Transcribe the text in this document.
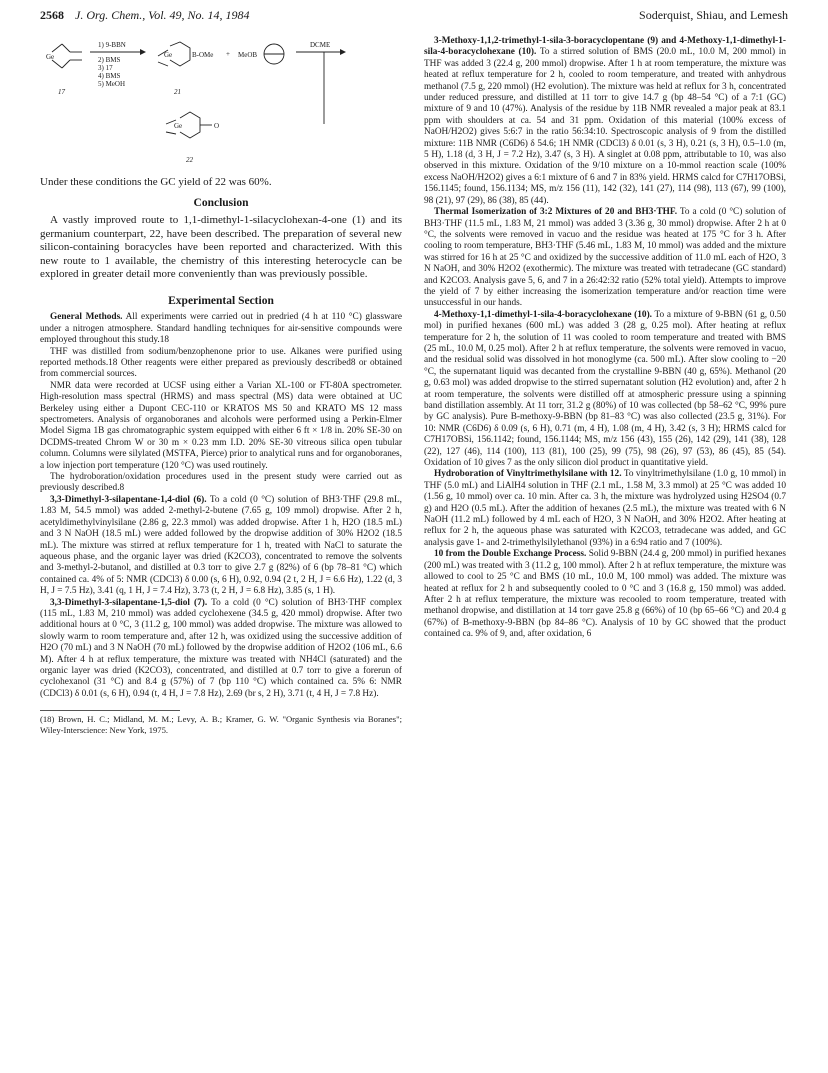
2568 J. Org. Chem., Vol. 49, No. 14, 1984	Soderquist, Shiau, and Lemesh
Ge
17
1) 9-BBN
2) BMS
3) 17
4) BMS
5) MeOH
Ge	B-OMe
21
+ MeOB
DCME
Ge	O
22

Under these conditions the GC yield of 22 was 60%.

Conclusion

A vastly improved route to 1,1-dimethyl-1-silacyclohexan-4-one (1) and its germanium counterpart, 22, have been described. The preparation of several new silicon-containing boracycles have been reported and characterized. With this new route to 1 available, the chemistry of this interesting heterocycle can be explored in greater detail more conveniently than was previously possible.

Experimental Section

General Methods. All experiments were carried out in predried (4 h at 110 °C) glassware under a nitrogen atmosphere. Standard handling techniques for air-sensitive compounds were employed throughout this study.18

THF was distilled from sodium/benzophenone prior to use. Alkanes were purified using reported methods.18 Other reagents were either prepared as previously described8 or obtained from commercial sources.

NMR data were recorded at UCSF using either a Varian XL-100 or FT-80A spectrometer. High-resolution mass spectral (HRMS) and mass spectral (MS) data were obtained at UC Berkeley using either a Dupont CEC-110 or KRATOS MS 50 and KRATO MS 12 mass spectrometers. Analysis of organoboranes and alcohols were performed using a Perkin-Elmer Model Sigma 1B gas chromatographic system equipped with either 6 ft × 1/8 in. 20% SE-30 on DCDMS-treated Chrom W or 30 m × 0.23 mm I.D. 20% SE-30 vitreous silica open tubular column. Columns were silylated (MSTFA, Pierce) prior to analytical runs and for organoboranes, a low injection port temperature (120 °C) was used routinely.

The hydroboration/oxidation procedures used in the present study were carried out as previously described.8

3,3-Dimethyl-3-silapentane-1,4-diol (6). To a cold (0 °C) solution of BH3·THF (29.8 mL, 1.83 M, 54.5 mmol) was added 2-methyl-2-butene (7.65 g, 109 mmol) dropwise. After 2 h, acetyldimethylvinylsilane (2.86 g, 22.3 mmol) was added dropwise. After 1 h, H2O (18.5 mL) and 3 N NaOH (18.5 mL) were added followed by the dropwise addition of 30% H2O2 (18.5 mL). The mixture was stirred at reflux temperature for 1 h, treated with NaCl to saturate the aqueous phase, and the organic layer was dried (K2CO3), concentrated to remove the solvents and 3-methyl-2-butanol, and distilled at 0.3 torr to give 2.7 g (82%) of 6 (bp 78–81 °C) which contained ca. 4% of 5: NMR (CDCl3) δ 0.00 (s, 6 H), 0.92, 0.94 (2 t, 2 H, J = 6.6 Hz), 1.22 (d, 3 H, J = 7.5 Hz), 3.41 (q, 1 H, J = 7.4 Hz), 3.73 (t, 2 H, J = 6.8 Hz), 3.85 (s, 1 H).

3,3-Dimethyl-3-silapentane-1,5-diol (7). To a cold (0 °C) solution of BH3·THF complex (115 mL, 1.83 M, 210 mmol) was added cyclohexene (34.5 g, 420 mmol) dropwise. After two additional hours at 0 °C, 3 (11.2 g, 100 mmol) was added dropwise. The mixture was allowed to slowly warm to room temperature and, after 12 h, was oxidized using the successive addition of H2O (70 mL) and 3 N NaOH (70 mL) followed by the dropwise addition of H2O2 (106 mL, 6.6 M). After 4 h at reflux temperature, the mixture was treated with NH4Cl (saturated) and the organic layer was dried (K2CO3), concentrated, and distilled at 0.7 torr to give a forerun of cyclohexanol (31 °C) and 8.4 g (57%) of 7 (bp 110 °C) which contained ca. 5% 6: NMR (CDCl3) δ 0.01 (s, 6 H), 0.94 (t, 4 H, J = 7.8 Hz), 2.69 (br s, 2 H), 3.71 (t, 4 H, J = 7.8 Hz).

(18) Brown, H. C.; Midland, M. M.; Levy, A. B.; Kramer, G. W. "Organic Synthesis via Boranes"; Wiley-Interscience: New York, 1975.

3-Methoxy-1,1,2-trimethyl-1-sila-3-boracyclopentane (9) and 4-Methoxy-1,1-dimethyl-1-sila-4-boracyclohexane (10). To a stirred solution of BMS (20.0 mL, 10.0 M, 200 mmol) in THF was added 3 (22.4 g, 200 mmol) dropwise. After 1 h at room temperature, the mixture was heated at reflux temperature for 2 h, cooled to room temperature, and treated with anhydrous methanol (7.5 g, 220 mmol) (H2 evolution). The mixture was held at reflux for 3 h, concentrated under reduced pressure, and distilled at 11 torr to give 14.7 g (bp 48–54 °C) of a 7:1 (GC) mixture of 9 and 10 (47%). Analysis of the residue by 11B NMR revealed a major peak at 83.1 ppm with shoulders at ca. 54 and 31 ppm. Oxidation of this material (100% excess of NaOH/H2O2) gives 5:6:7 in the ratio 56:34:10. Spectroscopic analysis of 9 from the distilled mixture: 11B NMR (C6D6) δ 54.6; 1H NMR (CDCl3) δ 0.01 (s, 3 H), 0.21 (s, 3 H), 0.5–1.0 (m, 5 H), 1.18 (d, 3 H, J = 7.2 Hz), 3.47 (s, 3 H). A singlet at 0.08 ppm, attributable to 10, was also observed in this mixture. Oxidation of the 9/10 mixture on a 10-mmol reaction scale (100% excess NaOH/H2O2) gives a 6:1 mixture of 6 and 7 in 83% yield. HRMS calcd for C7H17OBSi, 156.1145; found, 156.1134; MS, m/z 156 (11), 142 (32), 141 (27), 114 (98), 113 (67), 99 (100), 98 (21), 97 (29), 86 (38), 85 (44).

Thermal Isomerization of 3:2 Mixtures of 20 and BH3·THF. To a cold (0 °C) solution of BH3·THF (11.5 mL, 1.83 M, 21 mmol) was added 3 (3.36 g, 30 mmol) dropwise. After 2 h at 0 °C, the solvents were removed in vacuo and the residue was heated at 175 °C for 3 h. After cooling to room temperature, BH3·THF (5.46 mL, 1.83 M, 10 mmol) was added and the mixture was stirred for 16 h at 25 °C and oxidized by the successive addition of 11.0 mL each of H2O, 3 N NaOH, and 30% H2O2 (exothermic). The mixture was treated with tetradecane (GC standard) and K2CO3. Analysis gave 5, 6, and 7 in a 26:42:32 ratio (52% total yield). Attempts to improve the yield of 7 by either increasing the isomerization temperature and/or reaction time were unsuccessful in our hands.

4-Methoxy-1,1-dimethyl-1-sila-4-boracyclohexane (10). To a mixture of 9-BBN (61 g, 0.50 mol) in purified hexanes (600 mL) was added 3 (28 g, 0.25 mol). After heating at reflux temperature for 2 h, the solution of 11 was cooled to room temperature and treated with BMS (25 mL, 10.0 M, 0.25 mol). After 2 h at reflux temperature, the solvents were removed in vacuo, and the residual solid was dissolved in hot monoglyme (ca. 500 mL). After slow cooling to −20 °C, the supernatant liquid was decanted from the crystalline 9-BBN (40 g, 65%). Methanol (20 g, 0.63 mol) was added dropwise to the stirred supernatant solution (H2 evolution) and, after 2 h at room temperature, the solvents were distilled off at atmospheric pressure using a spinning band distillation assembly. At 11 torr, 31.2 g (80%) of 10 was collected (bp 58–62 °C, 99% pure by GC analysis). Pure B-methoxy-9-BBN (bp 81–83 °C) was also collected (23.5 g, 31%). For 10: NMR (C6D6) δ 0.09 (s, 6 H), 0.71 (m, 4 H), 1.08 (m, 4 H), 3.42 (s, 3 H); HRMS calcd for C7H17OBSi, 156.1142; found, 156.1144; MS, m/z 156 (43), 155 (26), 142 (29), 141 (38), 128 (22), 127 (46), 114 (100), 113 (81), 100 (25), 99 (75), 98 (26), 97 (53), 86 (45), 85 (54). Oxidation of 10 gives 7 as the only silicon diol product in quantitative yield.

Hydroboration of Vinyltrimethylsilane with 12. To vinyltrimethylsilane (1.0 g, 10 mmol) in THF (5.0 mL) and LiAlH4 solution in THF (2.1 mL, 1.58 M, 3.3 mmol) at 25 °C was added 10 (1.56 g, 10 mmol) over ca. 10 min. After ca. 3 h, the mixture was hydrolyzed using H2SO4 (0.7 g) and H2O (0.5 mL). After the addition of hexanes (2.5 mL), the mixture was treated with 6 N NaOH (11.2 mL) followed by 4 mL each of H2O, 3 N NaOH, and 30% H2O2. After heating at reflux for 2 h, the aqueous phase was saturated with K2CO3, tetradecane was added, and GC analysis gave 1- and 2-trimethylsilylethanol (93%) in a 6:94 ratio and 7 (100%).

10 from the Double Exchange Process. Solid 9-BBN (24.4 g, 200 mmol) in purified hexanes (200 mL) was treated with 3 (11.2 g, 100 mmol). After 2 h at reflux temperature, the mixture was allowed to cool to 25 °C and BMS (10 mL, 10.0 M, 100 mmol) was added. The mixture was heated at reflux for 2 h and subsequently cooled to 0 °C and 3 (16.8 g, 150 mmol) was added. After 2 h at reflux temperature, the mixture was recooled to room temperature, treated with methanol dropwise, and distillation at 14 torr gave 25.8 g (66%) of 10 (bp 65–66 °C) and 20.4 g (67%) of B-methoxy-9-BBN (bp 84–86 °C). Analysis of 10 by GC showed that the product contained ca. 9% of 9, and, after oxidation, 6
